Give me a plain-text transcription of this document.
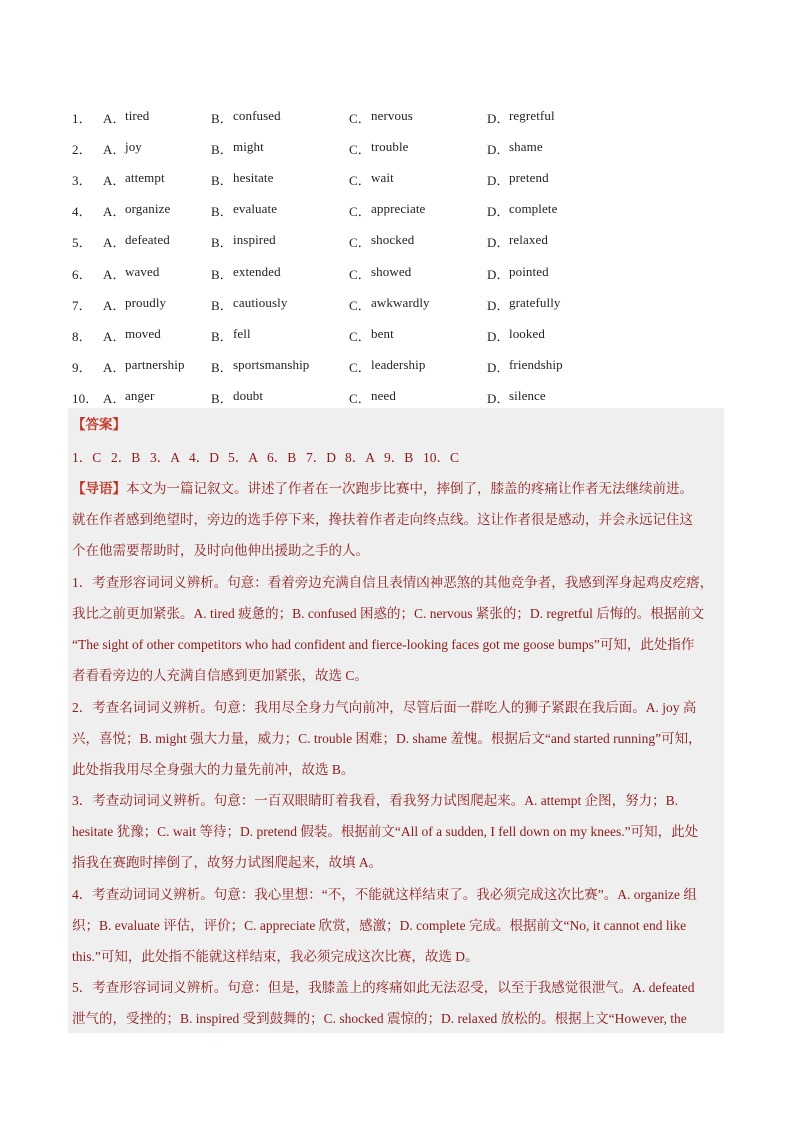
1． A． tired	B． confused	C． nervous	D． regretful
2． A． joy	B． might	C． trouble	D． shame
3． A． attempt	B． hesitate	C． wait	D． pretend
4． A． organize	B． evaluate	C． appreciate	D． complete
5． A． defeated	B． inspired	C． shocked	D． relaxed
6． A． waved	B． extended	C． showed	D． pointed
7． A． proudly	B． cautiously	C． awkwardly	D． gratefully
8． A． moved	B． fell	C． bent	D． looked
9． A． partnership B． sportsmanship	C． leadership	D． friendship
10． A． anger	B． doubt	C． need	D． silence
【答案】
1．C 2．B 3．A 4．D 5．A 6．B 7．D 8．A 9．B 10．C
【导语】本文为一篇记叙文。讲述了作者在一次跑步比赛中，摔倒了，膝盖的疼痛让作者无法继续前进。
就在作者感到绝望时，旁边的选手停下来，搀扶着作者走向终点线。这让作者很是感动，并会永远记住这
个在他需要帮助时，及时向他伸出援助之手的人。
1．考查形容词词义辨析。句意：看着旁边充满自信且表情凶神恶煞的其他竞争者，我感到浑身起鸡皮疙瘩，
我比之前更加紧张。A. tired 疲惫的；B. confused 困惑的；C. nervous 紧张的；D. regretful 后悔的。根据前文
“The sight of other competitors who had confident and fierce-looking faces got me goose bumps”可知，此处指作
者看看旁边的人充满自信感到更加紧张，故选 C。
2．考查名词词义辨析。句意：我用尽全身力气向前冲，尽管后面一群吃人的狮子紧跟在我后面。A. joy 高
兴，喜悦；B. might 强大力量，威力；C. trouble 困难；D. shame 羞愧。根据后文“and started running”可知，
此处指我用尽全身强大的力量先前冲，故选 B。
3．考查动词词义辨析。句意：一百双眼睛盯着我看，看我努力试图爬起来。A. attempt 企图，努力；B.
hesitate 犹豫；C. wait 等待；D. pretend 假装。根据前文“All of a sudden, I fell down on my knees.”可知，此处
指我在赛跑时摔倒了，故努力试图爬起来，故填 A。
4．考查动词词义辨析。句意：我心里想：“不，不能就这样结束了。我必须完成这次比赛”。A. organize 组
织；B. evaluate 评估，评价；C. appreciate 欣赏，感激；D. complete 完成。根据前文“No, it cannot end like
this.”可知，此处指不能就这样结束，我必须完成这次比赛，故选 D。
5．考查形容词词义辨析。句意：但是，我膝盖上的疼痛如此无法忍受，以至于我感觉很泄气。A. defeated
泄气的，受挫的；B. inspired 受到鼓舞的；C. shocked 震惊的；D. relaxed 放松的。根据上文“However, the
